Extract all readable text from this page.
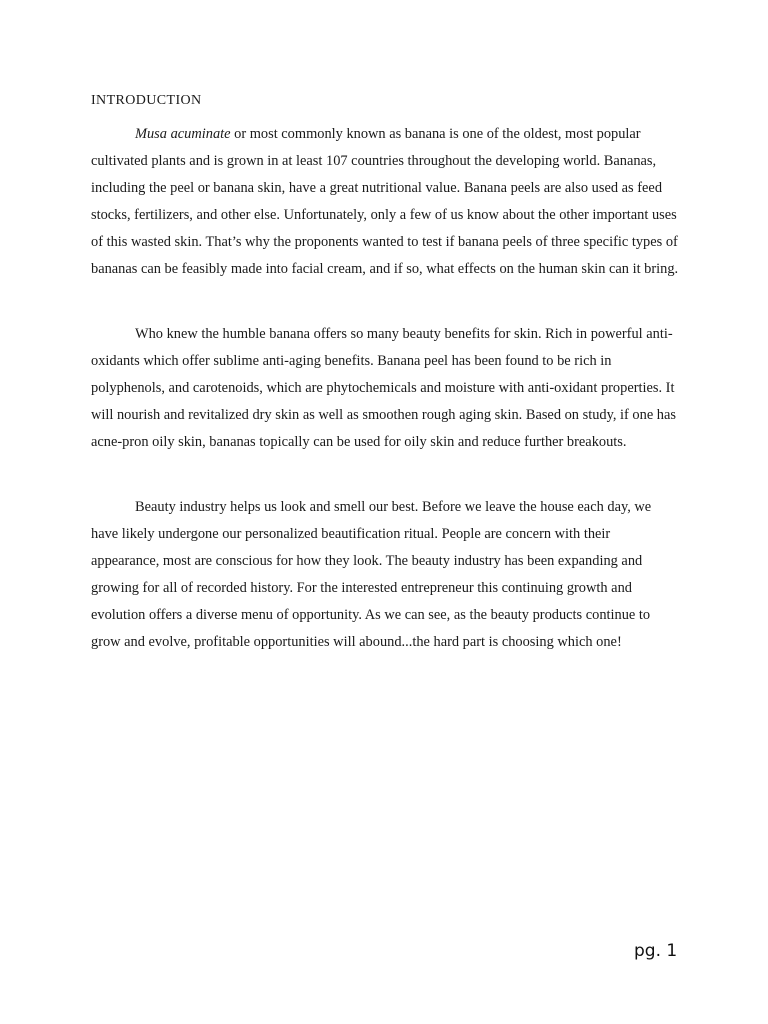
INTRODUCTION

Musa acuminate or most commonly known as banana is one of the oldest, most popular cultivated plants and is grown in at least 107 countries throughout the developing world. Bananas, including the peel or banana skin, have a great nutritional value. Banana peels are also used as feed stocks, fertilizers, and other else. Unfortunately, only a few of us know about the other important uses of this wasted skin. That’s why the proponents wanted to test if banana peels of three specific types of bananas can be feasibly made into facial cream, and if so, what effects on the human skin can it bring.

Who knew the humble banana offers so many beauty benefits for skin. Rich in powerful anti-oxidants which offer sublime anti-aging benefits. Banana peel has been found to be rich in polyphenols, and carotenoids, which are phytochemicals and moisture with anti-oxidant properties. It will nourish and revitalized dry skin as well as smoothen rough aging skin. Based on study, if one has acne-pron oily skin, bananas topically can be used for oily skin and reduce further breakouts.

Beauty industry helps us look and smell our best. Before we leave the house each day, we have likely undergone our personalized beautification ritual. People are concern with their appearance, most are conscious for how they look. The beauty industry has been expanding and growing for all of recorded history. For the interested entrepreneur this continuing growth and evolution offers a diverse menu of opportunity. As we can see, as the beauty products continue to grow and evolve, profitable opportunities will abound...the hard part is choosing which one!

pg. 1
